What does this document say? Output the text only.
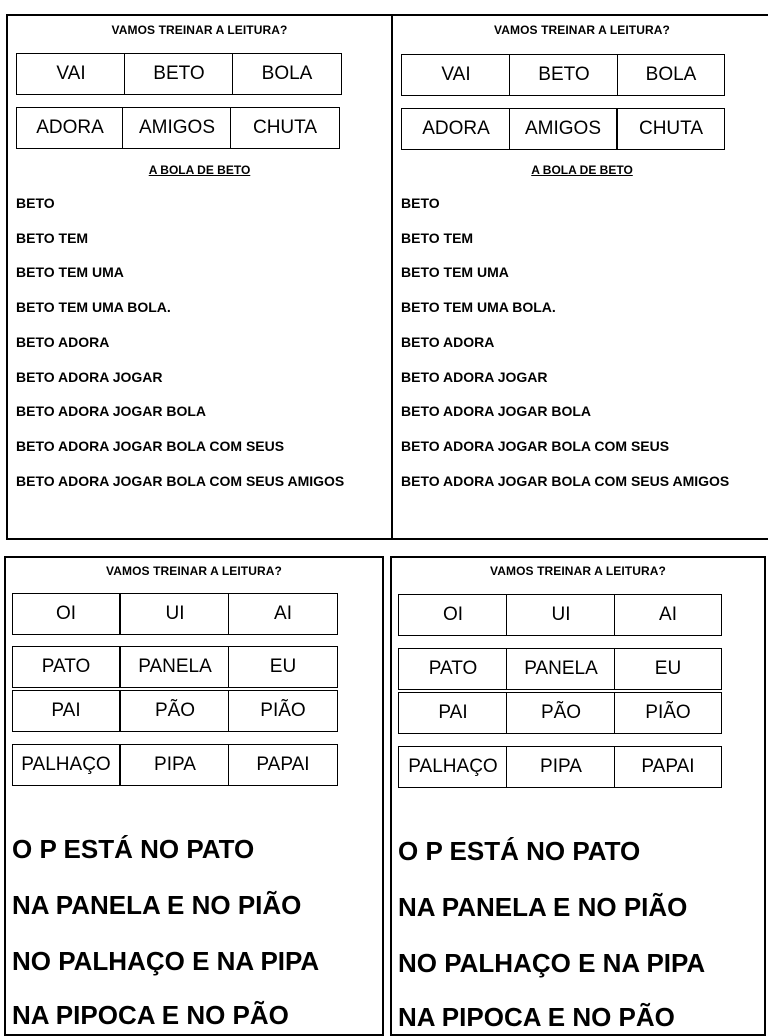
VAMOS TREINAR A LEITURA?
VAI	BETO	BOLA
ADORA	AMIGOS	CHUTA
A BOLA DE BETO
BETO
BETO TEM
BETO TEM UMA
BETO TEM UMA BOLA.
BETO ADORA
BETO ADORA JOGAR
BETO ADORA JOGAR BOLA
BETO ADORA JOGAR BOLA COM SEUS
BETO ADORA JOGAR BOLA COM SEUS AMIGOS
VAMOS TREINAR A LEITURA?
VAI	BETO	BOLA
ADORA	AMIGOS	CHUTA
A BOLA DE BETO
BETO
BETO TEM
BETO TEM UMA
BETO TEM UMA BOLA.
BETO ADORA
BETO ADORA JOGAR
BETO ADORA JOGAR BOLA
BETO ADORA JOGAR BOLA COM SEUS
BETO ADORA JOGAR BOLA COM SEUS AMIGOS
VAMOS TREINAR A LEITURA?
OI	UI	AI
PATO	PANELA	EU
PAI	PÃO	PIÃO
PALHAÇO	PIPA	PAPAI
O P ESTÁ NO PATO
NA PANELA E NO PIÃO
NO PALHAÇO E NA PIPA
NA PIPOCA E NO PÃO
VAMOS TREINAR A LEITURA?
OI	UI	AI
PATO	PANELA	EU
PAI	PÃO	PIÃO
PALHAÇO	PIPA	PAPAI
O P ESTÁ NO PATO
NA PANELA E NO PIÃO
NO PALHAÇO E NA PIPA
NA PIPOCA E NO PÃO
